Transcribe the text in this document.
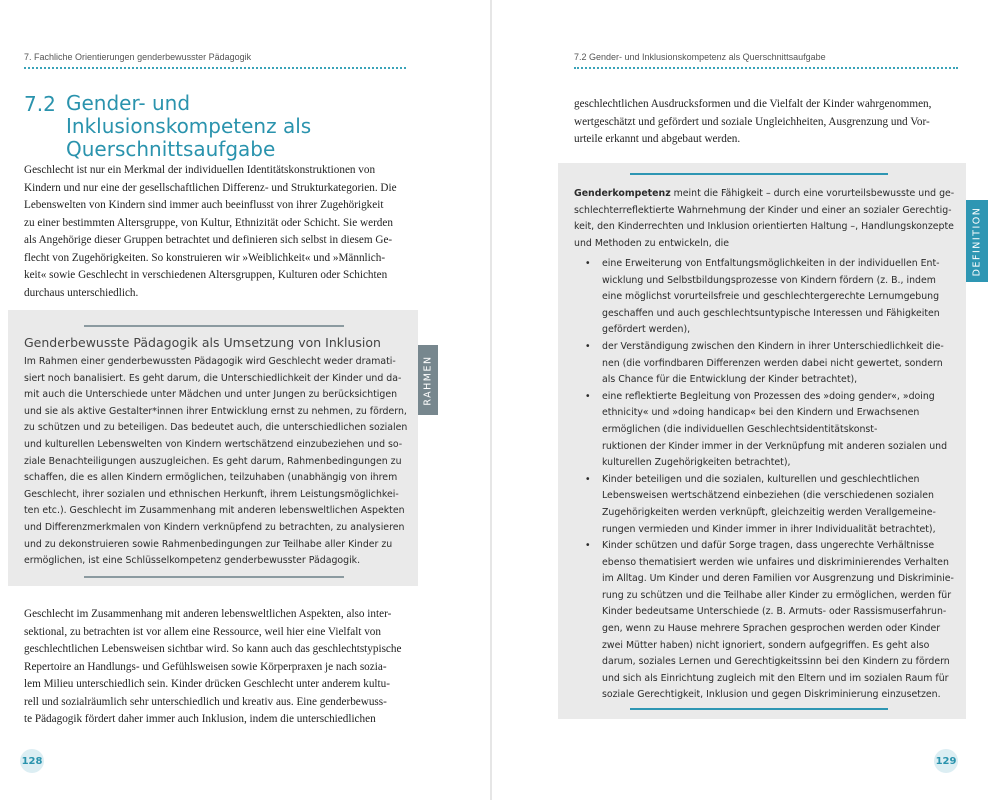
7. Fachliche Orientierungen genderbewusster Pädagogik
7.2 Gender- und Inklusionskompetenz als
Querschnittsaufgabe
Geschlecht ist nur ein Merkmal der individuellen Identitätskonstruktionen von
Kindern und nur eine der gesellschaftlichen Differenz- und Strukturkategorien. Die
Lebenswelten von Kindern sind immer auch beeinflusst von ihrer Zugehörigkeit
zu einer bestimmten Altersgruppe, von Kultur, Ethnizität oder Schicht. Sie werden
als Angehörige dieser Gruppen betrachtet und definieren sich selbst in diesem Ge-
flecht von Zugehörigkeiten. So konstruieren wir »Weiblichkeit« und »Männlich-
keit« sowie Geschlecht in verschiedenen Altersgruppen, Kulturen oder Schichten
durchaus unterschiedlich.
RAHMEN
Genderbewusste Pädagogik als Umsetzung von Inklusion
Im Rahmen einer genderbewussten Pädagogik wird Geschlecht weder dramati-
siert noch banalisiert. Es geht darum, die Unterschiedlichkeit der Kinder und da-
mit auch die Unterschiede unter Mädchen und unter Jungen zu berücksichtigen
und sie als aktive Gestalter*innen ihrer Entwicklung ernst zu nehmen, zu fördern,
zu schützen und zu beteiligen. Das bedeutet auch, die unterschiedlichen sozialen
und kulturellen Lebenswelten von Kindern wertschätzend einzubeziehen und so-
ziale Benachteiligungen auszugleichen. Es geht darum, Rahmenbedingungen zu
schaffen, die es allen Kindern ermöglichen, teilzuhaben (unabhängig von ihrem
Geschlecht, ihrer sozialen und ethnischen Herkunft, ihrem Leistungsmöglichkei-
ten etc.). Geschlecht im Zusammenhang mit anderen lebensweltlichen Aspekten
und Differenzmerkmalen von Kindern verknüpfend zu betrachten, zu analysieren
und zu dekonstruieren sowie Rahmenbedingungen zur Teilhabe aller Kinder zu
ermöglichen, ist eine Schlüsselkompetenz genderbewusster Pädagogik.
Geschlecht im Zusammenhang mit anderen lebensweltlichen Aspekten, also inter-
sektional, zu betrachten ist vor allem eine Ressource, weil hier eine Vielfalt von
geschlechtlichen Lebensweisen sichtbar wird. So kann auch das geschlechtstypische
Repertoire an Handlungs- und Gefühlsweisen sowie Körperpraxen je nach sozia-
lem Milieu unterschiedlich sein. Kinder drücken Geschlecht unter anderem kultu-
rell und sozialräumlich sehr unterschiedlich und kreativ aus. Eine genderbewuss-
te Pädagogik fördert daher immer auch Inklusion, indem die unterschiedlichen
128
7.2 Gender- und Inklusionskompetenz als Querschnittsaufgabe
geschlechtlichen Ausdrucksformen und die Vielfalt der Kinder wahrgenommen,
wertgeschätzt und gefördert und soziale Ungleichheiten, Ausgrenzung und Vor-
urteile erkannt und abgebaut werden.
DEFINITION
Genderkompetenz meint die Fähigkeit – durch eine vorurteilsbewusste und ge-
schlechterreflektierte Wahrnehmung der Kinder und einer an sozialer Gerechtig-
keit, den Kinderrechten und Inklusion orientierten Haltung –, Handlungskonzepte
und Methoden zu entwickeln, die
• eine Erweiterung von Entfaltungsmöglichkeiten in der individuellen Ent-
wicklung und Selbstbildungsprozesse von Kindern fördern (z. B., indem
eine möglichst vorurteilsfreie und geschlechtergerechte Lernumgebung
geschaffen und auch geschlechtsuntypische Interessen und Fähigkeiten
gefördert werden),
• der Verständigung zwischen den Kindern in ihrer Unterschiedlichkeit die-
nen (die vorfindbaren Differenzen werden dabei nicht gewertet, sondern
als Chance für die Entwicklung der Kinder betrachtet),
• eine reflektierte Begleitung von Prozessen des »doing gender«, »doing
ethnicity« und »doing handicap« bei den Kindern und Erwachsenen
ermöglichen (die individuellen Geschlechtsidentitätskonst-
ruktionen der Kinder immer in der Verknüpfung mit anderen sozialen und
kulturellen Zugehörigkeiten betrachtet),
• Kinder beteiligen und die sozialen, kulturellen und geschlechtlichen
Lebensweisen wertschätzend einbeziehen (die verschiedenen sozialen
Zugehörigkeiten werden verknüpft, gleichzeitig werden Verallgemeine-
rungen vermieden und Kinder immer in ihrer Individualität betrachtet),
• Kinder schützen und dafür Sorge tragen, dass ungerechte Verhältnisse
ebenso thematisiert werden wie unfaires und diskriminierendes Verhalten
im Alltag. Um Kinder und deren Familien vor Ausgrenzung und Diskriminie-
rung zu schützen und die Teilhabe aller Kinder zu ermöglichen, werden für
Kinder bedeutsame Unterschiede (z. B. Armuts- oder Rassismuserfahrun-
gen, wenn zu Hause mehrere Sprachen gesprochen werden oder Kinder
zwei Mütter haben) nicht ignoriert, sondern aufgegriffen. Es geht also
darum, soziales Lernen und Gerechtigkeitssinn bei den Kindern zu fördern
und sich als Einrichtung zugleich mit den Eltern und im sozialen Raum für
soziale Gerechtigkeit, Inklusion und gegen Diskriminierung einzusetzen.
129
